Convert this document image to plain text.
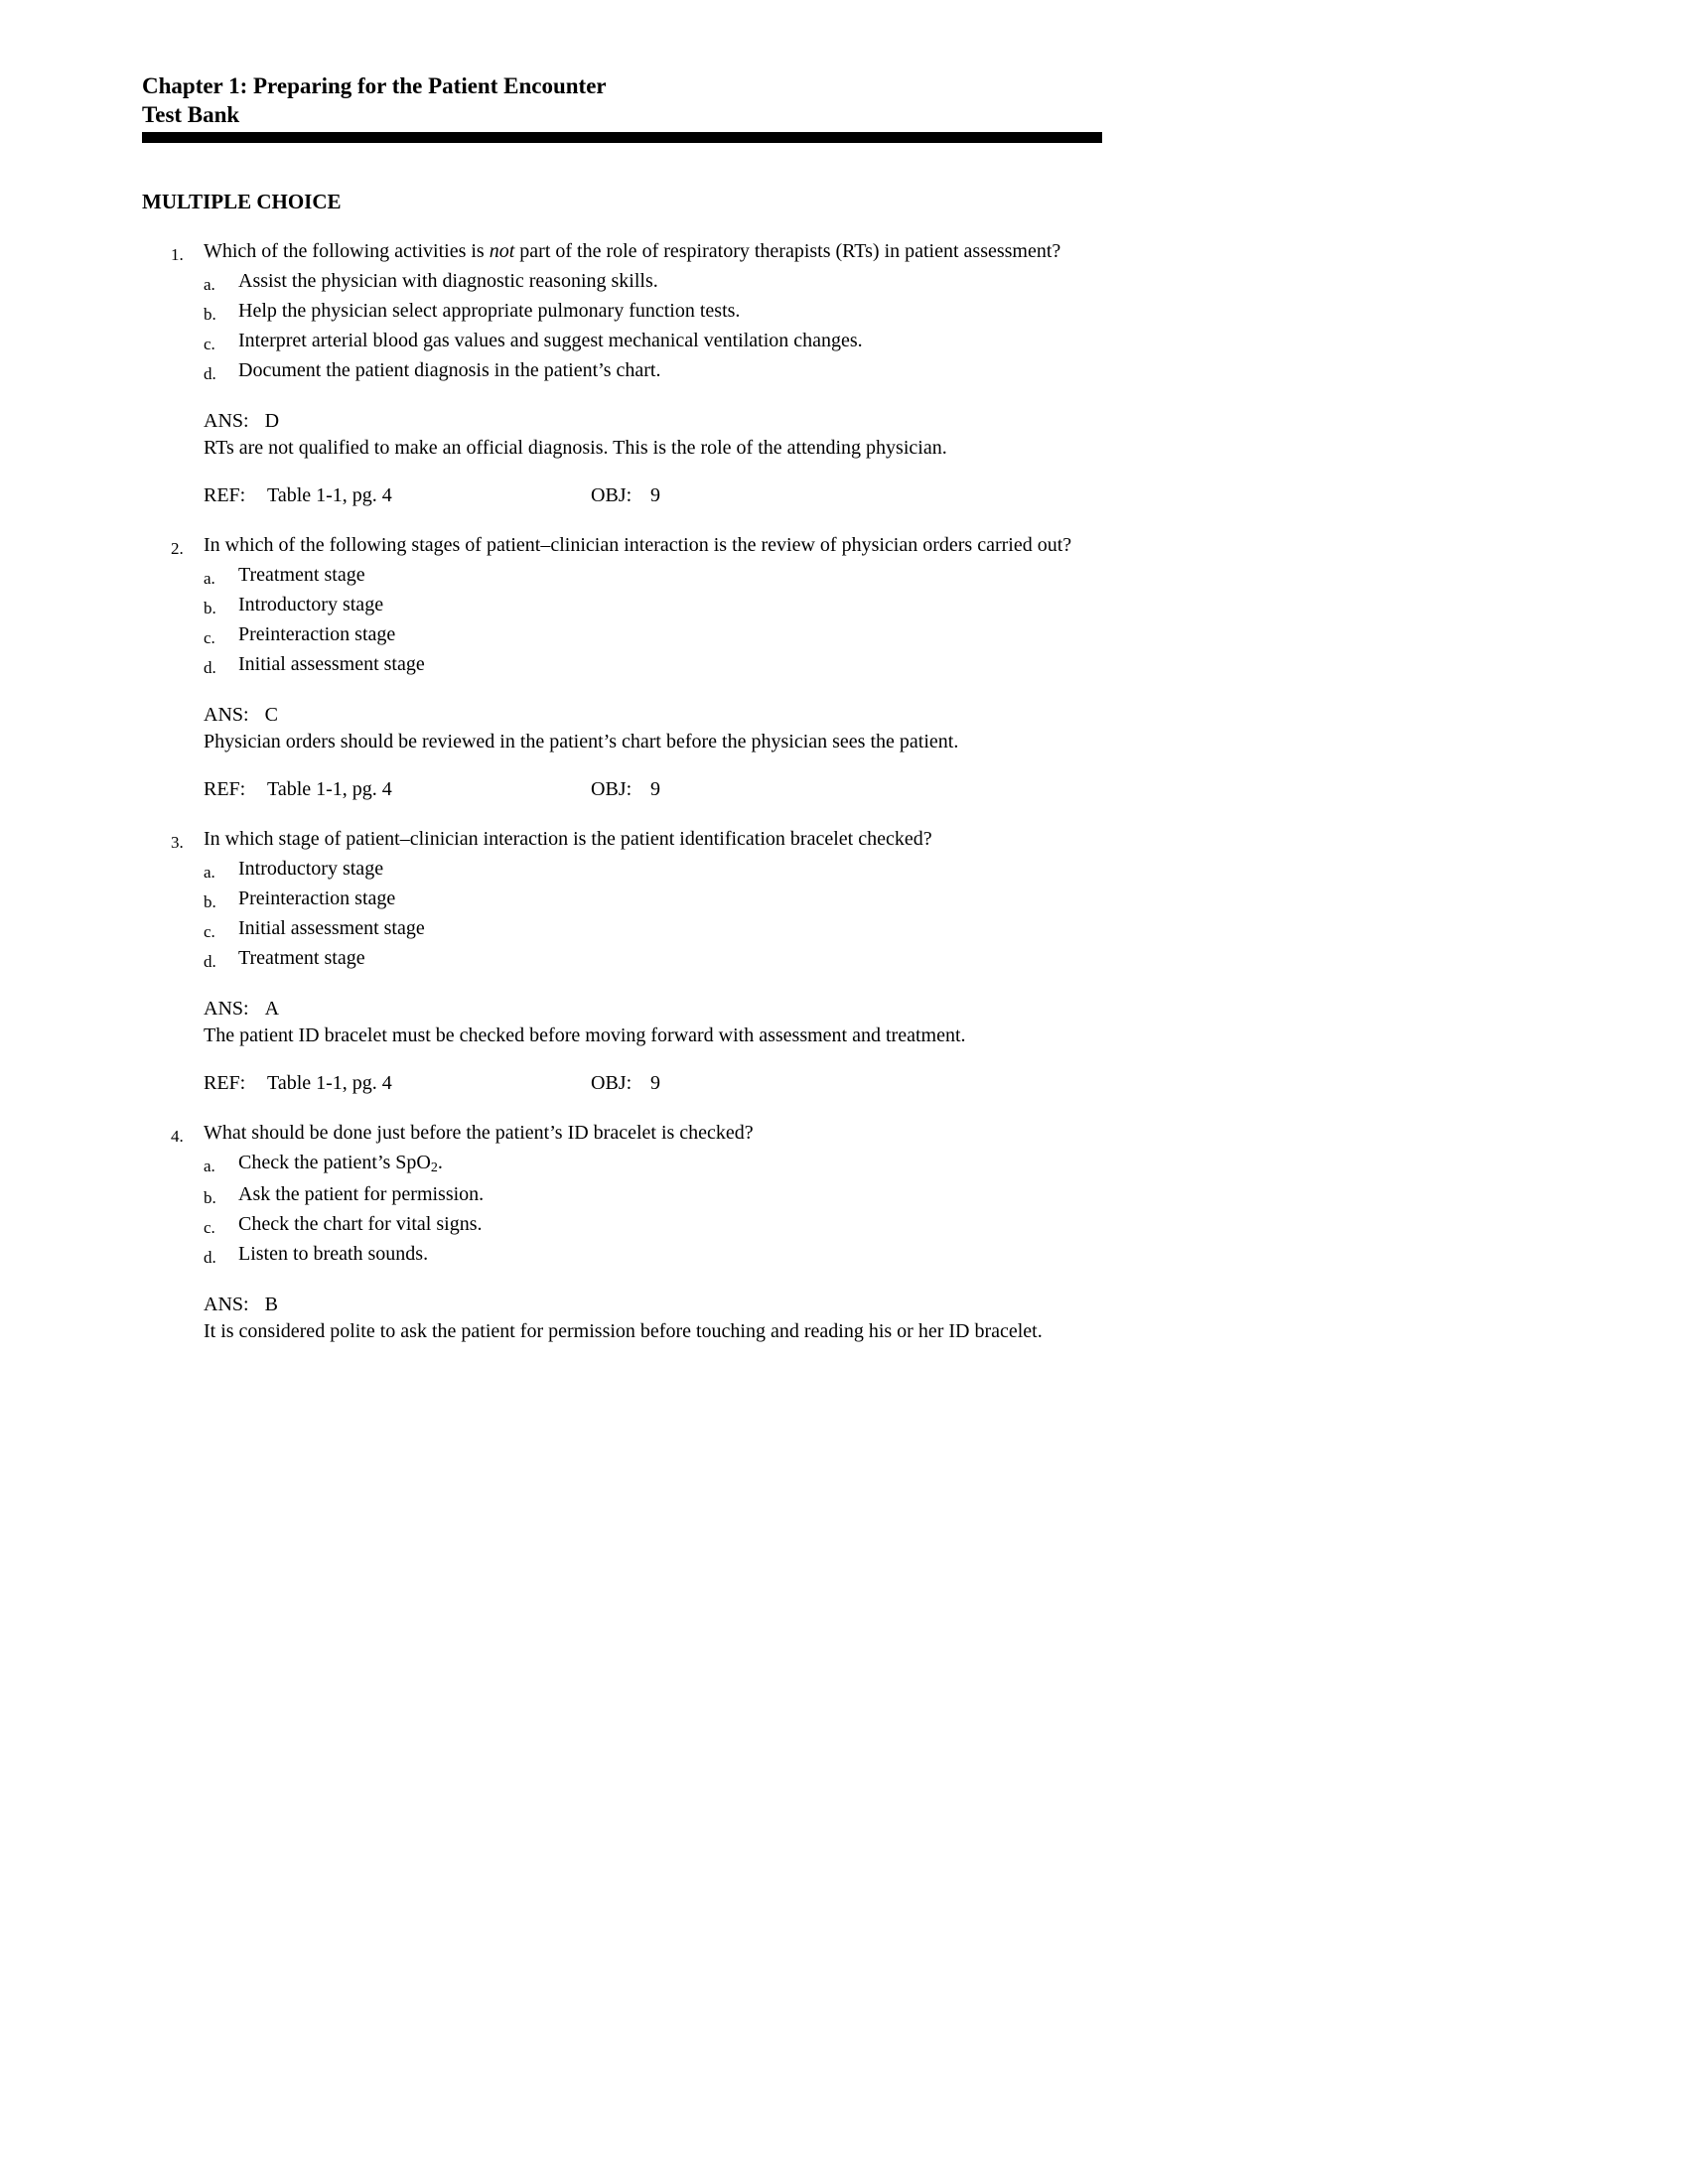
Chapter 1: Preparing for the Patient Encounter
Test Bank
MULTIPLE CHOICE
1.	Which of the following activities is not part of the role of respiratory therapists (RTs) in patient assessment?
a.	Assist the physician with diagnostic reasoning skills.
b.	Help the physician select appropriate pulmonary function tests.
c.	Interpret arterial blood gas values and suggest mechanical ventilation changes.
d.	Document the patient diagnosis in the patient’s chart.
ANS: D
RTs are not qualified to make an official diagnosis. This is the role of the attending physician.
REF:	Table 1-1, pg. 4	OBJ: 9
2.	In which of the following stages of patient–clinician interaction is the review of physician orders carried out?
a.	Treatment stage
b.	Introductory stage
c.	Preinteraction stage
d.	Initial assessment stage
ANS: C
Physician orders should be reviewed in the patient’s chart before the physician sees the patient.
REF:	Table 1-1, pg. 4	OBJ: 9
3.	In which stage of patient–clinician interaction is the patient identification bracelet checked?
a.	Introductory stage
b.	Preinteraction stage
c.	Initial assessment stage
d.	Treatment stage
ANS: A
The patient ID bracelet must be checked before moving forward with assessment and treatment.
REF:	Table 1-1, pg. 4	OBJ: 9
4.	What should be done just before the patient’s ID bracelet is checked?
a.	Check the patient’s SpO$_2$.
b.	Ask the patient for permission.
c.	Check the chart for vital signs.
d.	Listen to breath sounds.
ANS: B
It is considered polite to ask the patient for permission before touching and reading his or her ID bracelet.
